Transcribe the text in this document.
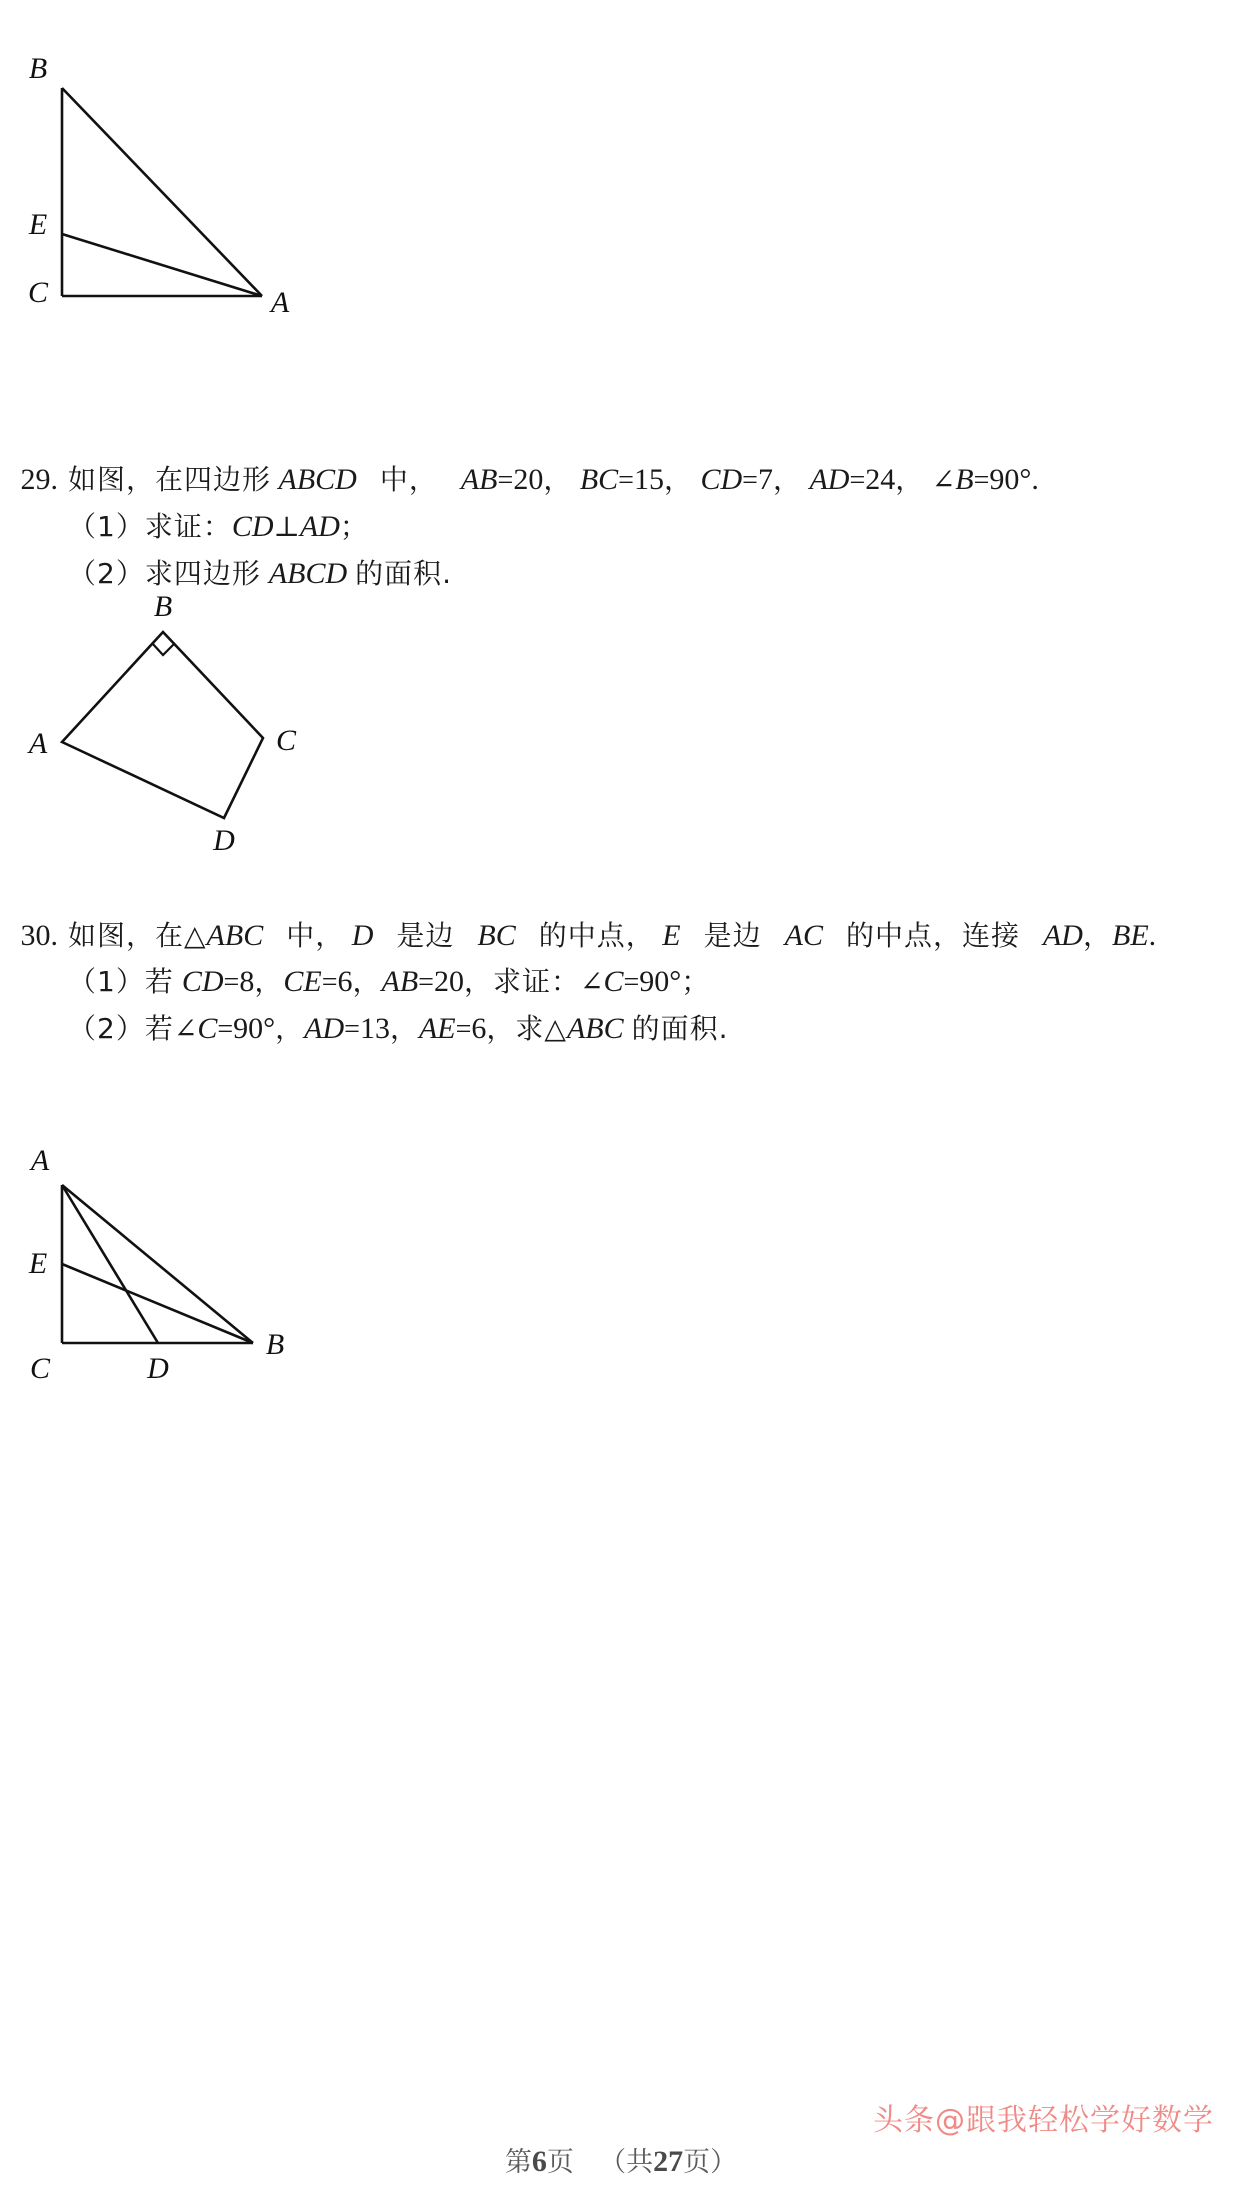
B
E
C	A
29. 如图，在四边形 ABCD 中， AB=20， BC=15， CD=7， AD=24， ∠B=90°.
（1） 求证： CD ⊥ AD ；
（2） 求四边形 ABCD 的面积.
A
B
C
D
30. 如图，在△ABC 中， D 是边 BC 的中点， E 是边 AC 的中点，连接 AD，BE.
（1） 若 CD = 8 ， CE = 6 ， AB = 20 ， 求证： ∠ C = 90° ；
（2） 若 ∠ C = 90° ， AD = 13 ， AE = 6 ， 求△ ABC 的面积.
A
E
C	D
B
头条@跟我轻松学好数学
第6页 （共27页）
